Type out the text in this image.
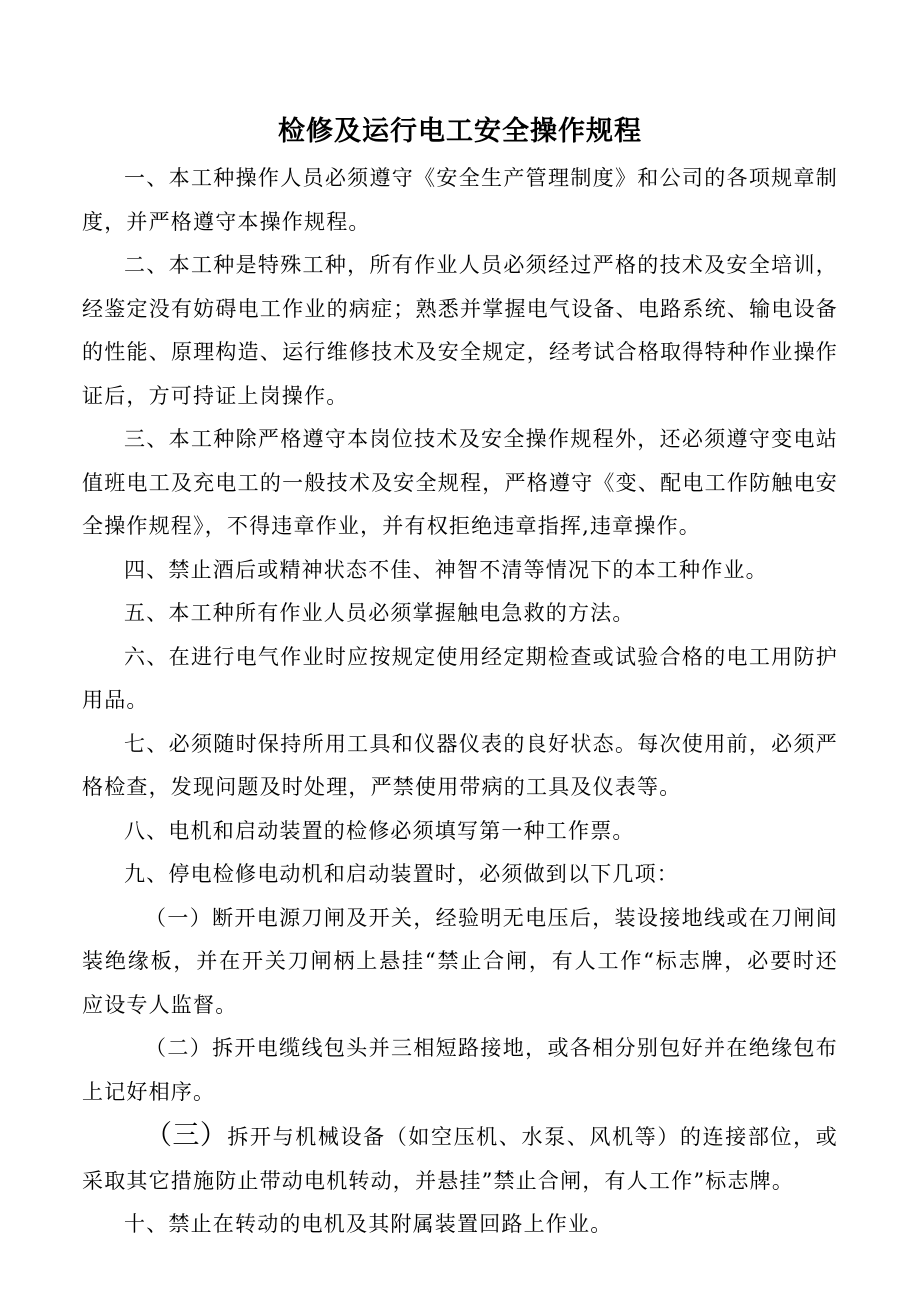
检修及运行电工安全操作规程

一、本工种操作人员必须遵守《安全生产管理制度》和公司的各项规章制度，并严格遵守本操作规程。

二、本工种是特殊工种，所有作业人员必须经过严格的技术及安全培训，经鉴定没有妨碍电工作业的病症；熟悉并掌握电气设备、电路系统、输电设备的性能、原理构造、运行维修技术及安全规定，经考试合格取得特种作业操作证后，方可持证上岗操作。

三、本工种除严格遵守本岗位技术及安全操作规程外，还必须遵守变电站值班电工及充电工的一般技术及安全规程，严格遵守《变、配电工作防触电安全操作规程》，不得违章作业，并有权拒绝违章指挥,违章操作。

四、禁止酒后或精神状态不佳、神智不清等情况下的本工种作业。

五、本工种所有作业人员必须掌握触电急救的方法。

六、在进行电气作业时应按规定使用经定期检查或试验合格的电工用防护用品。

七、必须随时保持所用工具和仪器仪表的良好状态。每次使用前，必须严格检查，发现问题及时处理，严禁使用带病的工具及仪表等。

八、电机和启动装置的检修必须填写第一种工作票。

九、停电检修电动机和启动装置时，必须做到以下几项：

（一）断开电源刀闸及开关，经验明无电压后，装设接地线或在刀闸间装绝缘板，并在开关刀闸柄上悬挂“禁止合闸，有人工作“标志牌，必要时还应设专人监督。

（二）拆开电缆线包头并三相短路接地，或各相分别包好并在绝缘包布上记好相序。

（三）拆开与机械设备（如空压机、水泵、风机等）的连接部位，或采取其它措施防止带动电机转动，并悬挂”禁止合闸，有人工作”标志牌。

十、禁止在转动的电机及其附属装置回路上作业。
